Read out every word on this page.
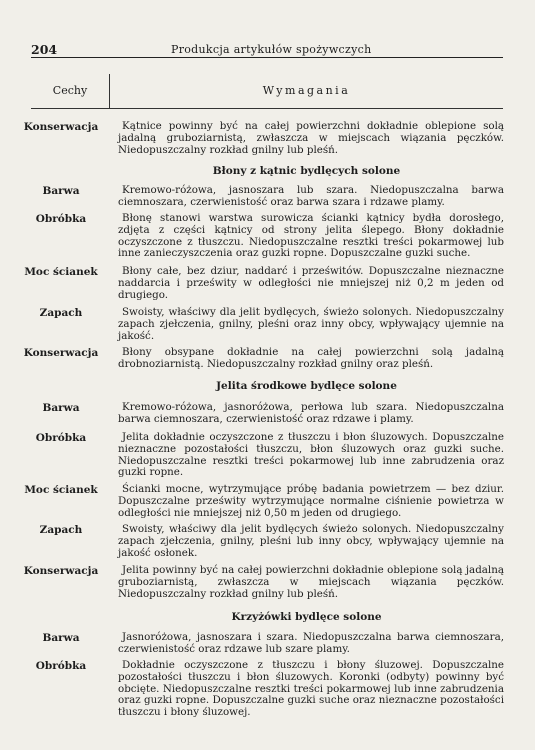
204	Produkcja artykułów spożywczych
Cechy	Wymagania
Konserwacja	Kątnice powinny być na całej powierzchni dokładnie oblepione solą jadalną gruboziarnistą, zwłaszcza w miejscach wiązania pęczków. Niedopuszczalny rozkład gnilny lub pleśń.
Błony z kątnic bydlęcych solone
Barwa	Kremowo-różowa, jasnoszara lub szara. Niedopuszczalna barwa ciemnoszara, czerwienistość oraz barwa szara i rdzawe plamy.
Obróbka	Błonę stanowi warstwa surowicza ścianki kątnicy bydła dorosłego, zdjęta z części kątnicy od strony jelita ślepego. Błony dokładnie oczyszczone z tłuszczu. Niedopuszczalne resztki treści pokarmowej lub inne zanieczyszczenia oraz guzki ropne. Dopuszczalne guzki suche.
Moc ścianek	Błony całe, bez dziur, naddarć i prześwitów. Dopuszczalne nieznaczne naddarcia i prześwity w odległości nie mniejszej niż 0,2 m jeden od drugiego.
Zapach	Swoisty, właściwy dla jelit bydlęcych, świeżo solonych. Niedopuszczalny zapach zjełczenia, gnilny, pleśni oraz inny obcy, wpływający ujemnie na jakość.
Konserwacja	Błony obsypane dokładnie na całej powierzchni solą jadalną drobnoziarnistą. Niedopuszczalny rozkład gnilny oraz pleśń.
Jelita środkowe bydlęce solone
Barwa	Kremowo-różowa, jasnoróżowa, perłowa lub szara. Niedopuszczalna barwa ciemnoszara, czerwienistość oraz rdzawe i plamy.
Obróbka	Jelita dokładnie oczyszczone z tłuszczu i błon śluzowych. Dopuszczalne nieznaczne pozostałości tłuszczu, błon śluzowych oraz guzki suche. Niedopuszczalne resztki treści pokarmowej lub inne zabrudzenia oraz guzki ropne.
Moc ścianek	Ścianki mocne, wytrzymujące próbę badania powietrzem — bez dziur. Dopuszczalne prześwity wytrzymujące normalne ciśnienie powietrza w odległości nie mniejszej niż 0,50 m jeden od drugiego.
Zapach	Swoisty, właściwy dla jelit bydlęcych świeżo solonych. Niedopuszczalny zapach zjełczenia, gnilny, pleśni lub inny obcy, wpływający ujemnie na jakość osłonek.
Konserwacja	Jelita powinny być na całej powierzchni dokładnie oblepione solą jadalną gruboziarnistą, zwłaszcza w miejscach wiązania pęczków. Niedopuszczalny rozkład gnilny lub pleśń.
Krzyżówki bydlęce solone
Barwa	Jasnoróżowa, jasnoszara i szara. Niedopuszczalna barwa ciemnoszara, czerwienistość oraz rdzawe lub szare plamy.
Obróbka	Dokładnie oczyszczone z tłuszczu i błony śluzowej. Dopuszczalne pozostałości tłuszczu i błon śluzowych. Koronki (odbyty) powinny być obcięte. Niedopuszczalne resztki treści pokarmowej lub inne zabrudzenia oraz guzki ropne. Dopuszczalne guzki suche oraz nieznaczne pozostałości tłuszczu i błony śluzowej.
